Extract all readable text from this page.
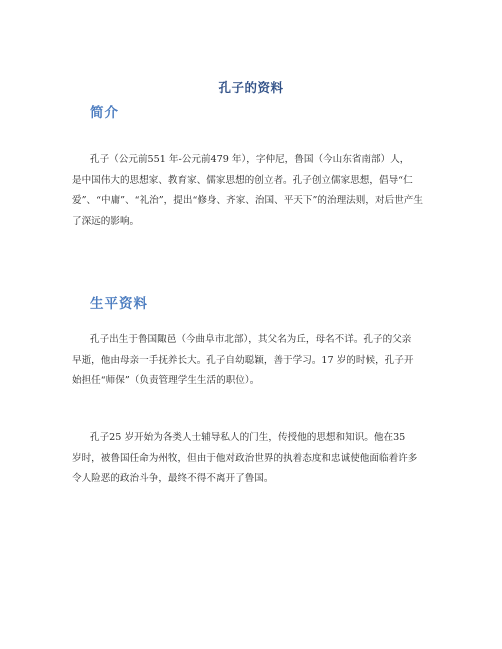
孔子的资料
简介
孔子（公元前551 年-公元前479 年），字仲尼，鲁国（今山东省南部）人，
是中国伟大的思想家、教育家、儒家思想的创立者。孔子创立儒家思想，倡导“仁
爱”、“中庸”、“礼治”，提出“修身、齐家、治国、平天下”的治理法则，对后世产生
了深远的影响。
生平资料
孔子出生于鲁国陬邑（今曲阜市北部），其父名为丘，母名不详。孔子的父亲
早逝，他由母亲一手抚养长大。孔子自幼聪颖，善于学习。17 岁的时候，孔子开
始担任“师保”（负责管理学生生活的职位）。
孔子25 岁开始为各类人士辅导私人的门生，传授他的思想和知识。他在35
岁时，被鲁国任命为州牧，但由于他对政治世界的执着态度和忠诚使他面临着许多
令人险恶的政治斗争，最终不得不离开了鲁国。
